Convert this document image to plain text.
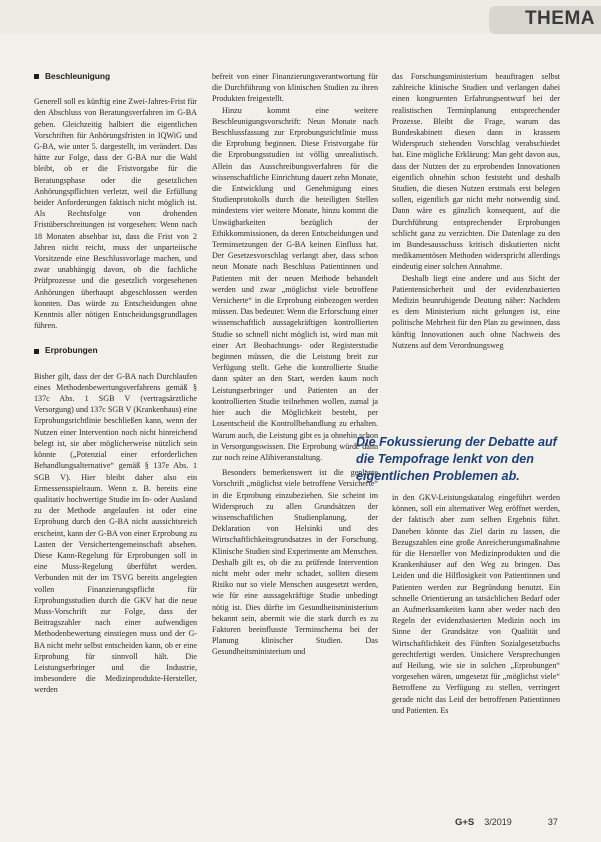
THEMA
Beschleunigung

Generell soll es künftig eine Zwei-Jahres-Frist für den Abschluss von Beratungsverfahren im G-BA geben. Gleichzeitig halbiert die eigentlichen Vorschriften für Anhörungsfristen in IQWiG und G-BA, wie unter 5. dargestellt, im verändert. Das hätte zur Folge, dass der G-BA nur die Wahl bleibt, ob er die Fristvorgabe für die Beratungsphase oder die gesetzlichen Anhörungspflichten verletzt, weil die Erfüllung beider Anforderungen faktisch nicht möglich ist. Als Rechtsfolge von drohenden Fristüberschreitungen ist vorgesehen: Wenn nach 18 Monaten absehbar ist, dass die Frist von 2 Jahren nicht reicht, muss der unparteiische Vorsitzende eine Beschlussvorlage machen, und zwar unabhängig davon, ob die fachliche Prüfprozesse und die gesetzlich vorgesehenen Anhörungen überhaupt abgeschlossen werden konnten. Das würde zu Entscheidungen ohne Kenntnis aller nötigen Entscheidungsgrundlagen führen.

Erprobungen

Bisher gilt, dass der der G-BA nach Durchlaufen eines Methodenbewertungsverfahrens gemäß § 137c Abs. 1 SGB V (vertragsärztliche Versorgung) und 137c SGB V (Krankenhaus) eine Erprobungsrichtlinie beschließen kann, wenn der Nutzen einer Intervention noch nicht hinreichend belegt ist, sie aber möglicherweise nützlich sein könnte („Potenzial einer erforderlichen Behandlungsalternative“ gemäß § 137e Abs. 1 SGB V). Hier bleibt daher also ein Ermessensspielraum. Wenn z. B. bereits eine qualitativ hochwertige Studie im In- oder Ausland zu der Methode angelaufen ist oder eine Erprobung durch den G-BA nicht aussichtsreich erscheint, kann der G-BA von einer Erprobung zu Lasten der Versichertengemeinschaft absehen. Diese Kann-Regelung für Erprobungen soll in eine Muss-Regelung überführt werden. Verbunden mit der im TSVG bereits angelegten vollen Finanzierungspflicht für Erprobungsstudien durch die GKV hat die neue Muss-Vorschrift zur Folge, dass der Beitragszahler nach einer aufwendigen Methodenbewertung einstiegen muss und der G-BA nicht mehr selbst entscheiden kann, ob er eine Erprobung für sinnvoll hält. Die Leistungserbringer und die Industrie, insbesondere die Medizinprodukte-Hersteller, werden

befreit von einer Finanzierungsverantwortung für die Durchführung von klinischen Studien zu ihren Produkten freigestellt.

Hinzu kommt eine weitere Beschleunigungsvorschrift: Neun Monate nach Beschlussfassung zur Erprobungsrichtlinie muss die Erprobung beginnen. Diese Fristvorgabe für die Erprobungsstudien ist völlig unrealistisch. Allein das Ausschreibungsverfahren für die wissenschaftliche Einrichtung dauert zehn Monate, die Entwicklung und Genehmigung eines Studienprotokolls durch die beteiligten Stellen mindestens vier weitere Monate, hinzu kommt die Unwägbarkeiten bezüglich der Ethikkommissionen, da deren Entscheidungen und Terminsetzungen der G-BA keinen Einfluss hat. Der Gesetzesvorschlag verlangt aber, dass schon neun Monate nach Beschluss Patientinnen und Patienten mit der neuen Methode behandelt werden und zwar „möglichst viele betroffene Versicherte“ in die Erprobung einbezogen werden müssen. Das bedeutet: Wenn die Erforschung einer wissenschaftlich aussagekräftigen kontrollierten Studie so schnell nicht möglich ist, wird man mit einer Art Beobachtungs- oder Registerstudie beginnen müssen, die die Leistung breit zur Verfügung stellt. Gehe die kontrollierte Studie dann später an den Start, werden kaum noch Leistungserbringer und Patienten an der kontrollierten Studie teilnehmen wollen, zumal ja hier auch die Möglichkeit besteht, per Losentscheid die Kontrollbehandlung zu erhalten. Warum auch, die Leistung gibt es ja ohnehin schon in Versorgungswissen. Die Erprobung würde dann zur noch reine Alibiveranstaltung.

Besonders bemerkenswert ist die geplante Vorschrift „möglichst viele betroffene Versicherte“ in die Erprobung einzubeziehen. Sie scheint im Widerspruch zu allen Grundsätzen der wissenschaftlichen Studienplanung, der Deklaration von Helsinki und des Wirtschaftlichkeitsgrundsatzes in der Forschung. Klinische Studien sind Experimente am Menschen. Deshalb gilt es, ob die zu prüfende Intervention nicht mehr oder mehr schadet, sollten diesem Risiko nur so viele Menschen ausgesetzt werden, wie für eine aussagekräftige Studie unbedingt nötig ist. Dies dürfte im Gesundheitsministerium bekannt sein, abermit wie die stark durch es zu Faktoren beeinflusste Terminschema bei der Planung klinischer Studien. Das Gesundheitsministerium und

das Forschungsministerium beauftragen selbst zahlreiche klinische Studien und verlangen dabei einen kongruenten Erfahrungsentwurf bei der realistischen Terminplanung entsprechender Prozesse. Bleibt die Frage, warum das Bundeskabinett diesen dann in krassem Widerspruch stehenden Vorschlag verabschiedet hat. Eine mögliche Erklärung: Man geht davon aus, dass der Nutzen der zu erprobenden Innovationen eigentlich ohnehin schon feststeht und deshalb Studien, die diesen Nutzen erstmals erst belegen sollen, eigentlich gar nicht mehr notwendig sind. Dann wäre es gänzlich konsequent, auf die Durchführung entsprechender Erprobungen schlicht ganz zu verzichten. Die Datenlage zu den im Bundesausschuss kritisch diskutierten nicht medikamentösen Methoden widerspricht allerdings eindeutig einer solchen Annahme.

Deshalb liegt eine andere und aus Sicht der Patientensicherheit und der evidenzbasierten Medizin beunruhigende Deutung näher: Nachdem es dem Ministerium nicht gelungen ist, eine politische Mehrheit für den Plan zu gewinnen, dass künftig Innovationen auch ohne Nachweis des Nutzens auf dem Verordnungsweg

Die Fokussierung der Debatte auf die Tempofrage lenkt von den eigentlichen Problemen ab.

in den GKV-Leistungskatalog eingeführt werden können, soll ein alternativer Weg eröffnet werden, der faktisch aber zum selben Ergebnis führt. Daneben könnte das Ziel darin zu lassen, die Bezugszahlen eine große Anreicherungsmaßnahme für die Hersteller von Medizinprodukten und die Krankenhäuser auf den Weg zu bringen. Das Leiden und die Hilflosigkeit von Patientinnen und Patienten werden zur Begründung benutzt. Ein schnelle Orientierung an tatsächlichen Bedarf oder an Aufmerksamkeiten kann aber weder nach den Regeln der evidenzbasierten Medizin noch im Sinne der Grundsätze von Qualität und Wirtschaftlichkeit des Fünften Sozialgesetzbuchs gerechtfertigt werden. Unsichere Versprechungen auf Heilung, wie sie in solchen „Erprobungen“ vorgesehen wären, umgesetzt für „möglichst viele“ Betroffene zu Verfügung zu stellen, verringert gerade nicht das Leid der betroffenen Patientinnen und Patienten. Es

G+S 3/2019	37
